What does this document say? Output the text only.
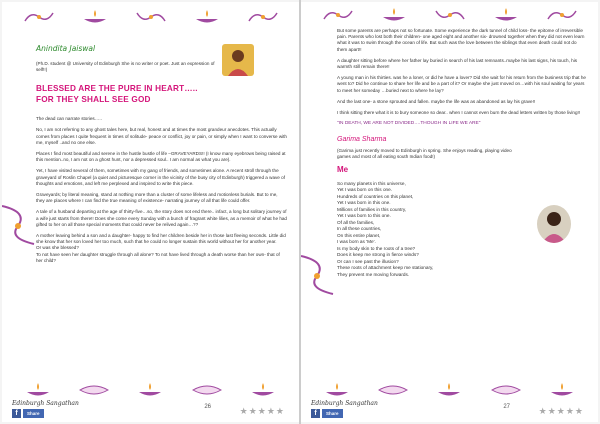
Anindita Jaiswal
(Ph.D. student @ University of Edinburgh She is no writer or poet. Just an expression of self!!)
BLESSED ARE THE PURE IN HEART…..
FOR THEY SHALL SEE GOD

The dead can narrate stories…..

No, I am not referring to any ghost tales here, but real, honest and at times the most grandeur anecdotes. This actually comes from places I quite frequent in times of solitude- peace or conflict, joy or pain, or simply when I want to converse with me, myself ..and no one else.

Places I find most beautiful and serene in the hustle bustle of life –GRAVEYARDS!! (I know many eyebrows being raised at this mention..no, I am not on a ghost hunt, nor a depressed soul.. I am normal as what you are).

Yet, I have visited several of them, sometimes with my gang of friends, and sometimes alone. A recent stroll through the graveyard of Roslin Chapel (a quiet and picturesque corner in the vicinity of the busy city of Edinburgh) triggered a wave of thoughts and emotions, and left me perplexed and inspired to write this piece.

Graveyards; by literal meaning, stand at nothing more than a cluster of some lifeless and motionless burials. But to me, they are places where I can find the true meaning of existence- narrating journey of all that life could offer.

A tale of a husband departing at the age of thirty-five…so, the story does not end there.. infact, a long but solitary journey of a wife just starts from there!! Does she come every Sunday with a bunch of fragrant white lilies, as a memoir of what he had gifted to her on all those special moments that could never be relived again…??

A mother leaving behind a son and a daughter- happy to find her children beside her in those last fleeing seconds. Little did she know that her son loved her too much, such that he could no longer sustain this world without her for another year.
Or was she blessed?
To not have seen her daughter struggle through all alone? To not have lived through a death worse than her own- that of her child?

Edinburgh Sangathan
f	Share
26	★★★★★

But some parents are perhaps not so fortunate. Some experience the dark tunnel of child loss- the epitome of irreversible pain. Parents who lost both their children- one aged eight and another six- drowned together when they did not even learn what it was to swim through the ocean of life. But such was the love between the siblings that even death could not do them apart!!

A daughter sitting before where her father lay buried in search of his last remnants..maybe his last signs, his touch, his warmth still remain there!!

A young man in his thirties. was he a loner, or did he have a lover? Did she wait for his return from the business trip that he went to? Did he continue to share her life and be a part of it? Or maybe she just moved on…with his soul waiting for years to meet her someday …buried next to where he lay?

And the last one- a stone sprouted and fallen. maybe the life was as abandoned as lay his grave!!

I think sitting there what it is to bury someone so dear.. when I cannot even burn the dead letters written by those living!!

"IN DEATH, WE ARE NOT DIVIDED….THOUGH IN LIFE WE ARE"
Garima Sharma
(Garima just recently moved to Edinburgh in spring. She enjoys reading, playing video games and most of all eating south Indian food!)
Me
So many planets in this universe,
Yet I was born on this one.
Hundreds of countries on this planet,
Yet I was born in this one.
Millions of families in this country,
Yet I was born to this one.
Of all the families,
In all these countries,
On this entire planet,
I was born as 'Me'.
Is my body skin to the roots of a tree?
Does it keep me strong in fierce winds?
Or can I see past the illusion?
These roots of attachment keep me stationary,
They prevent me moving forwards.
Edinburgh Sangathan
f	Share
27	★★★★★
